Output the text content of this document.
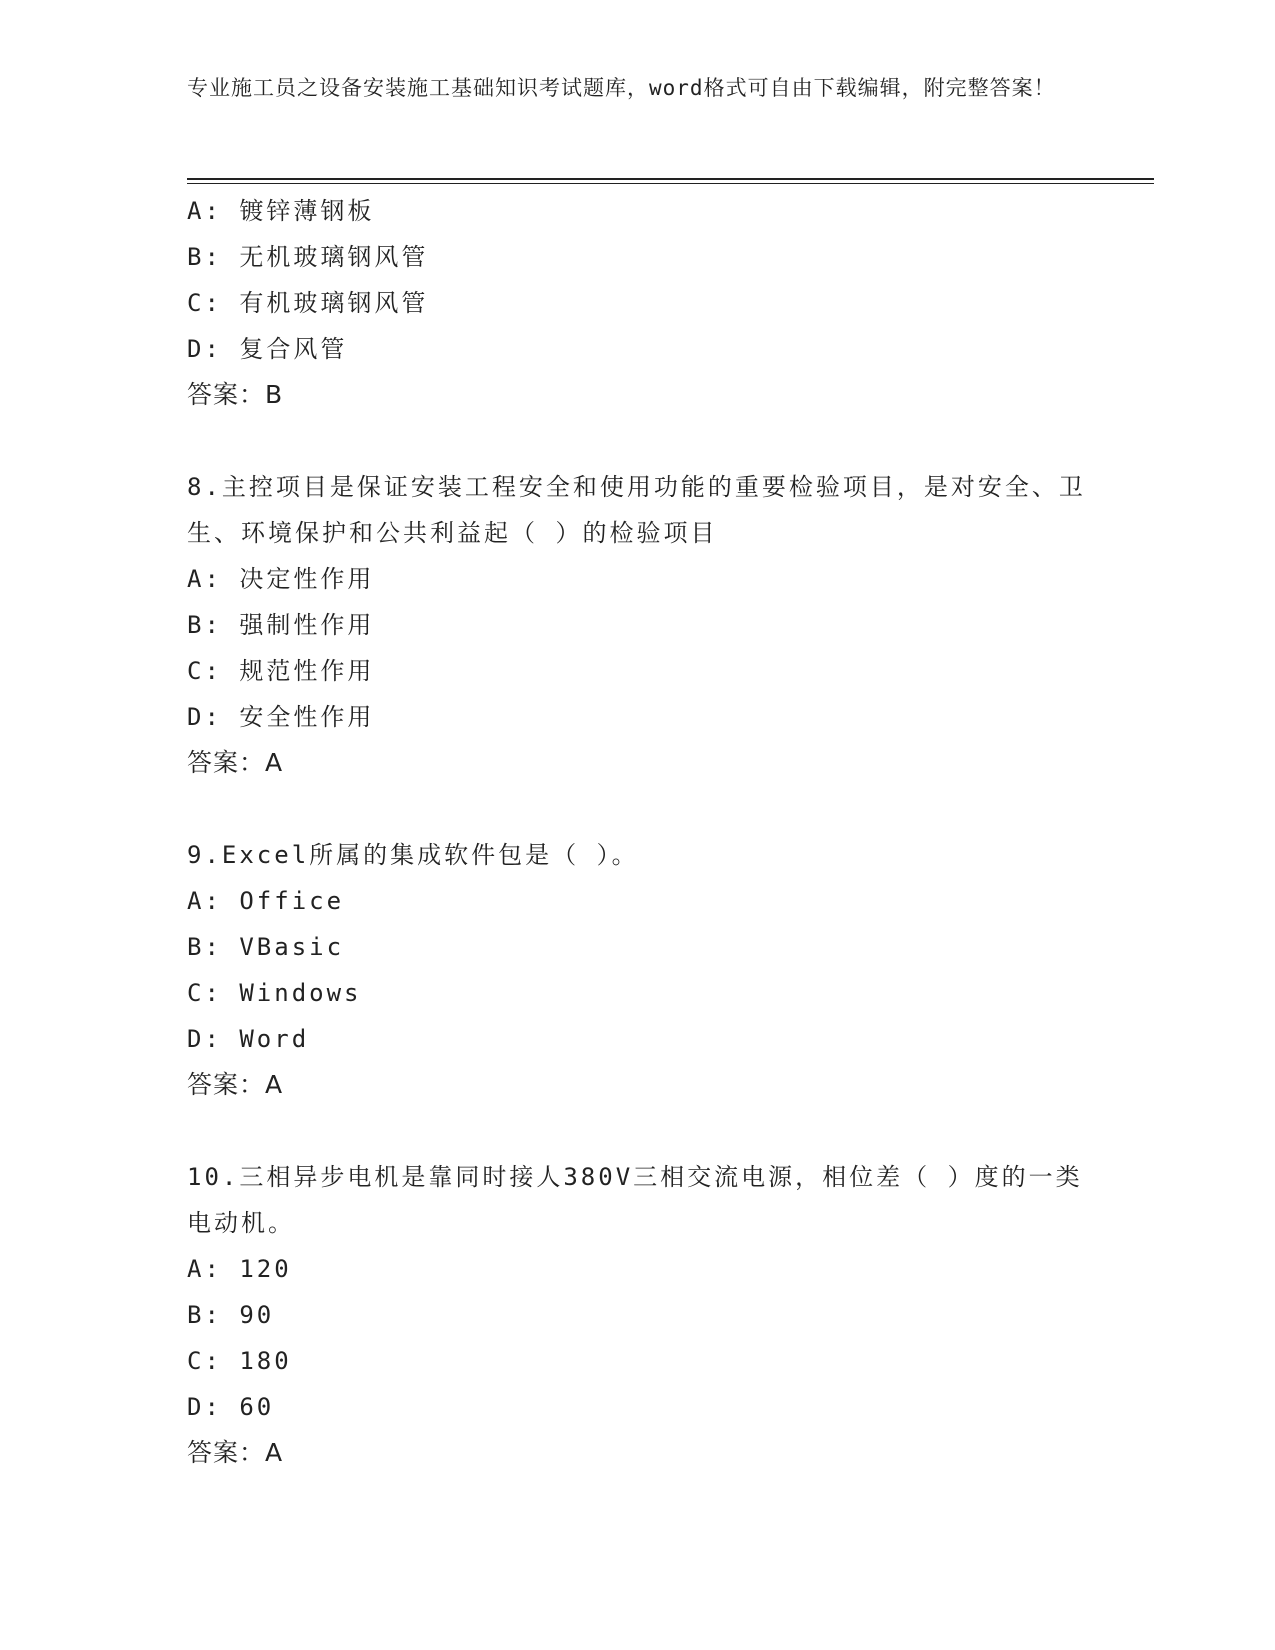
专业施工员之设备安装施工基础知识考试题库，word格式可自由下载编辑，附完整答案！
A: 镀锌薄钢板
B: 无机玻璃钢风管
C: 有机玻璃钢风管
D: 复合风管
答案：B
8.主控项目是保证安装工程安全和使用功能的重要检验项目，是对安全、卫生、环境保护和公共利益起（ ）的检验项目
A: 决定性作用
B: 强制性作用
C: 规范性作用
D: 安全性作用
答案：A
9.Excel所属的集成软件包是（ ）。
A: Office
B: VBasic
C: Windows
D: Word
答案：A
10.三相异步电机是靠同时接人380V三相交流电源，相位差（ ）度的一类电动机。
A: 120
B: 90
C: 180
D: 60
答案：A
